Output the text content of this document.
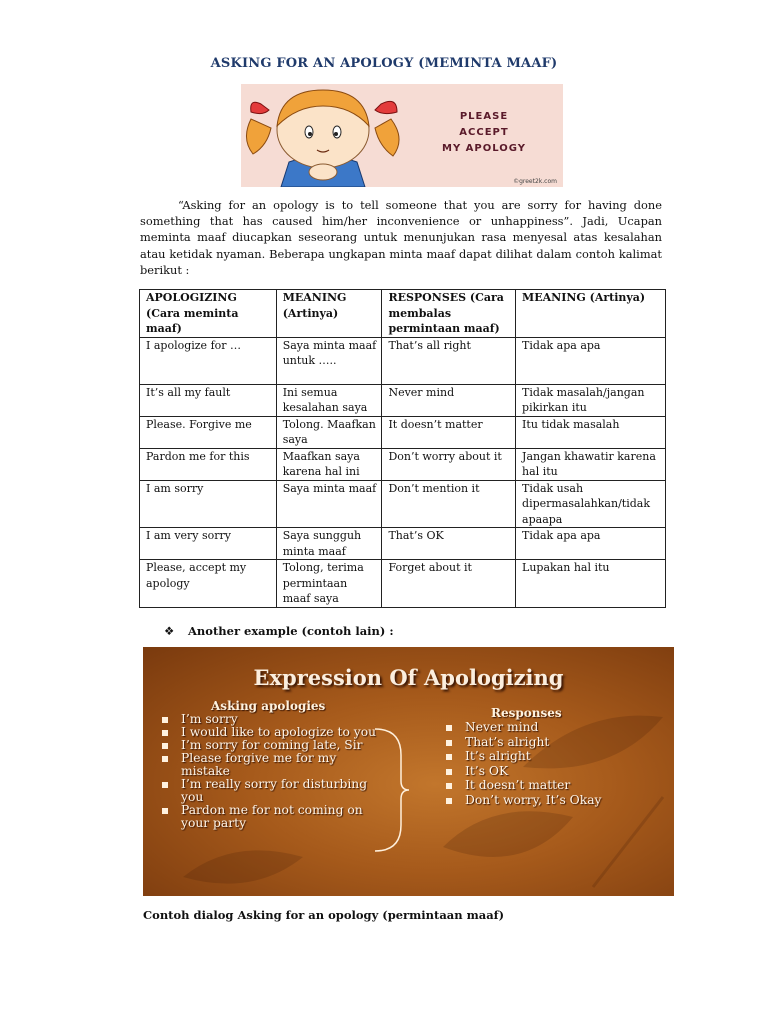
ASKING FOR AN APOLOGY (MEMINTA MAAF)
PLEASE
ACCEPT
MY APOLOGY
©greet2k.com
“Asking for an opology is to tell someone that you are sorry for having done something that has caused him/her inconvenience or unhappiness”. Jadi, Ucapan meminta maaf diucapkan seseorang untuk menunjukan rasa menyesal atas kesalahan atau ketidak nyaman. Beberapa ungkapan minta maaf dapat dilihat dalam contoh kalimat berikut :
APOLOGIZING (Cara meminta maaf)	MEANING (Artinya)	RESPONSES (Cara membalas permintaan maaf)	MEANING (Artinya)
I apologize for …	Saya minta maaf untuk …..	That’s all right	Tidak apa apa
It’s all my fault	Ini semua kesalahan saya	Never mind	Tidak masalah/jangan pikirkan itu
Please. Forgive me	Tolong. Maafkan saya	It doesn’t matter	Itu tidak masalah
Pardon me for this	Maafkan saya karena hal ini	Don’t worry about it	Jangan khawatir karena hal itu
I am sorry	Saya minta maaf	Don’t mention it	Tidak usah dipermasalahkan/tidak apaapa
I am very sorry	Saya sungguh minta maaf	That’s OK	Tidak apa apa
Please, accept my apology	Tolong, terima permintaan maaf saya	Forget about it	Lupakan hal itu
❖ Another example (contoh lain) :
Expression Of Apologizing
Asking apologies
I’m sorry
I would like to apologize to you
I’m sorry for coming late, Sir
Please forgive me for my mistake
I’m really sorry for disturbing you
Pardon me for not coming on your party
Responses
Never mind
That’s alright
It’s alright
It’s OK
It doesn’t matter
Don’t worry, It’s Okay
Contoh dialog Asking for an opology (permintaan maaf)
